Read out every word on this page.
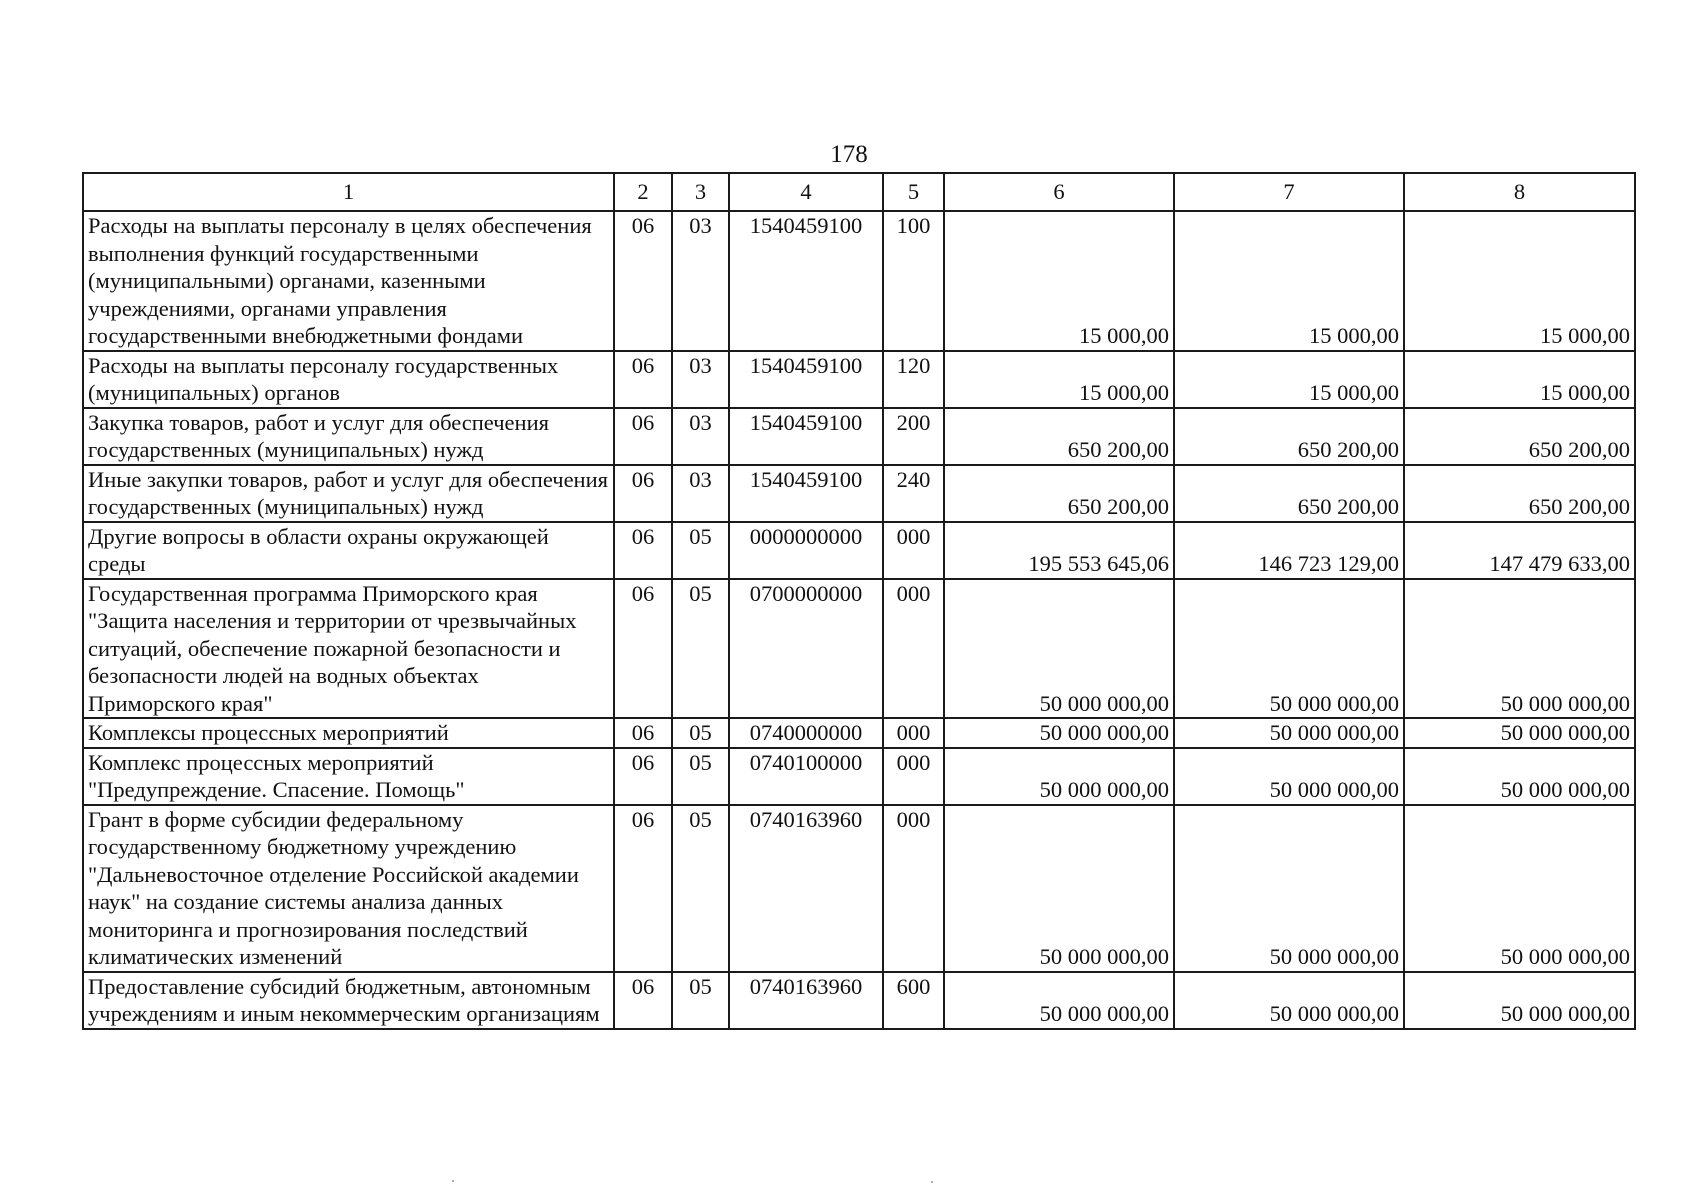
178
1	2	3	4	5	6	7	8
Расходы на выплаты персоналу в целях обеспечения выполнения функций государственными (муниципальными) органами, казенными учреждениями, органами управления государственными внебюджетными фондами	06	03	1540459100	100	15 000,00	15 000,00	15 000,00
Расходы на выплаты персоналу государственных (муниципальных) органов	06	03	1540459100	120	15 000,00	15 000,00	15 000,00
Закупка товаров, работ и услуг для обеспечения государственных (муниципальных) нужд	06	03	1540459100	200	650 200,00	650 200,00	650 200,00
Иные закупки товаров, работ и услуг для обеспечения государственных (муниципальных) нужд	06	03	1540459100	240	650 200,00	650 200,00	650 200,00
Другие вопросы в области охраны окружающей среды	06	05	0000000000	000	195 553 645,06	146 723 129,00	147 479 633,00
Государственная программа Приморского края "Защита населения и территории от чрезвычайных ситуаций, обеспечение пожарной безопасности и безопасности людей на водных объектах Приморского края"	06	05	0700000000	000	50 000 000,00	50 000 000,00	50 000 000,00
Комплексы процессных мероприятий	06	05	0740000000	000	50 000 000,00	50 000 000,00	50 000 000,00
Комплекс процессных мероприятий "Предупреждение. Спасение. Помощь"	06	05	0740100000	000	50 000 000,00	50 000 000,00	50 000 000,00
Грант в форме субсидии федеральному государственному бюджетному учреждению "Дальневосточное отделение Российской академии наук" на создание системы анализа данных мониторинга и прогнозирования последствий климатических изменений	06	05	0740163960	000	50 000 000,00	50 000 000,00	50 000 000,00
Предоставление субсидий бюджетным, автономным учреждениям и иным некоммерческим организациям	06	05	0740163960	600	50 000 000,00	50 000 000,00	50 000 000,00
